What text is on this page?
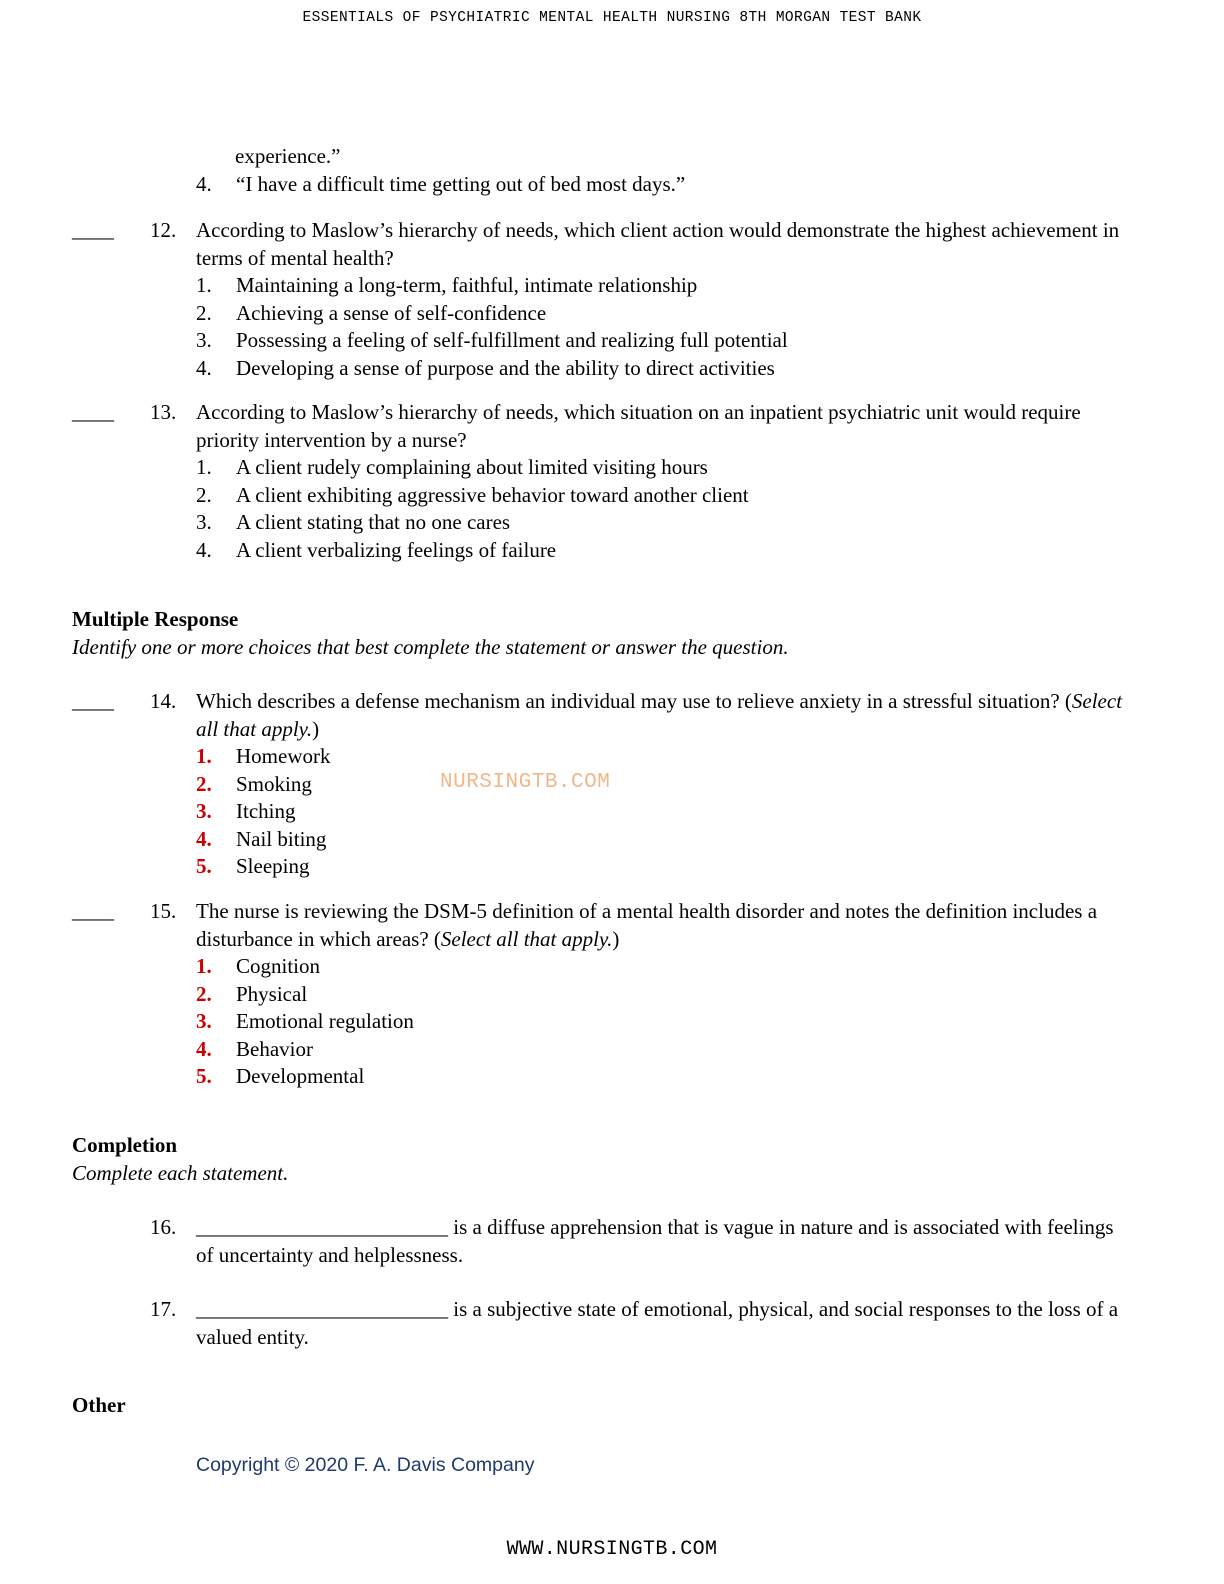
ESSENTIALS OF PSYCHIATRIC MENTAL HEALTH NURSING 8TH MORGAN TEST BANK
experience.”
4. “I have a difficult time getting out of bed most days.”
____ 12. According to Maslow’s hierarchy of needs, which client action would demonstrate the highest achievement in terms of mental health?
1. Maintaining a long-term, faithful, intimate relationship
2. Achieving a sense of self-confidence
3. Possessing a feeling of self-fulfillment and realizing full potential
4. Developing a sense of purpose and the ability to direct activities
____ 13. According to Maslow’s hierarchy of needs, which situation on an inpatient psychiatric unit would require priority intervention by a nurse?
1. A client rudely complaining about limited visiting hours
2. A client exhibiting aggressive behavior toward another client
3. A client stating that no one cares
4. A client verbalizing feelings of failure
Multiple Response
Identify one or more choices that best complete the statement or answer the question.
____ 14. Which describes a defense mechanism an individual may use to relieve anxiety in a stressful situation? (Select all that apply.)
1. Homework
2. Smoking
3. Itching
4. Nail biting
5. Sleeping
NURSINGTB.COM
____ 15. The nurse is reviewing the DSM-5 definition of a mental health disorder and notes the definition includes a disturbance in which areas? (Select all that apply.)
1. Cognition
2. Physical
3. Emotional regulation
4. Behavior
5. Developmental
Completion
Complete each statement.
16. ________________________ is a diffuse apprehension that is vague in nature and is associated with feelings of uncertainty and helplessness.
17. ________________________ is a subjective state of emotional, physical, and social responses to the loss of a valued entity.
Other
Copyright © 2020 F. A. Davis Company
WWW.NURSINGTB.COM
